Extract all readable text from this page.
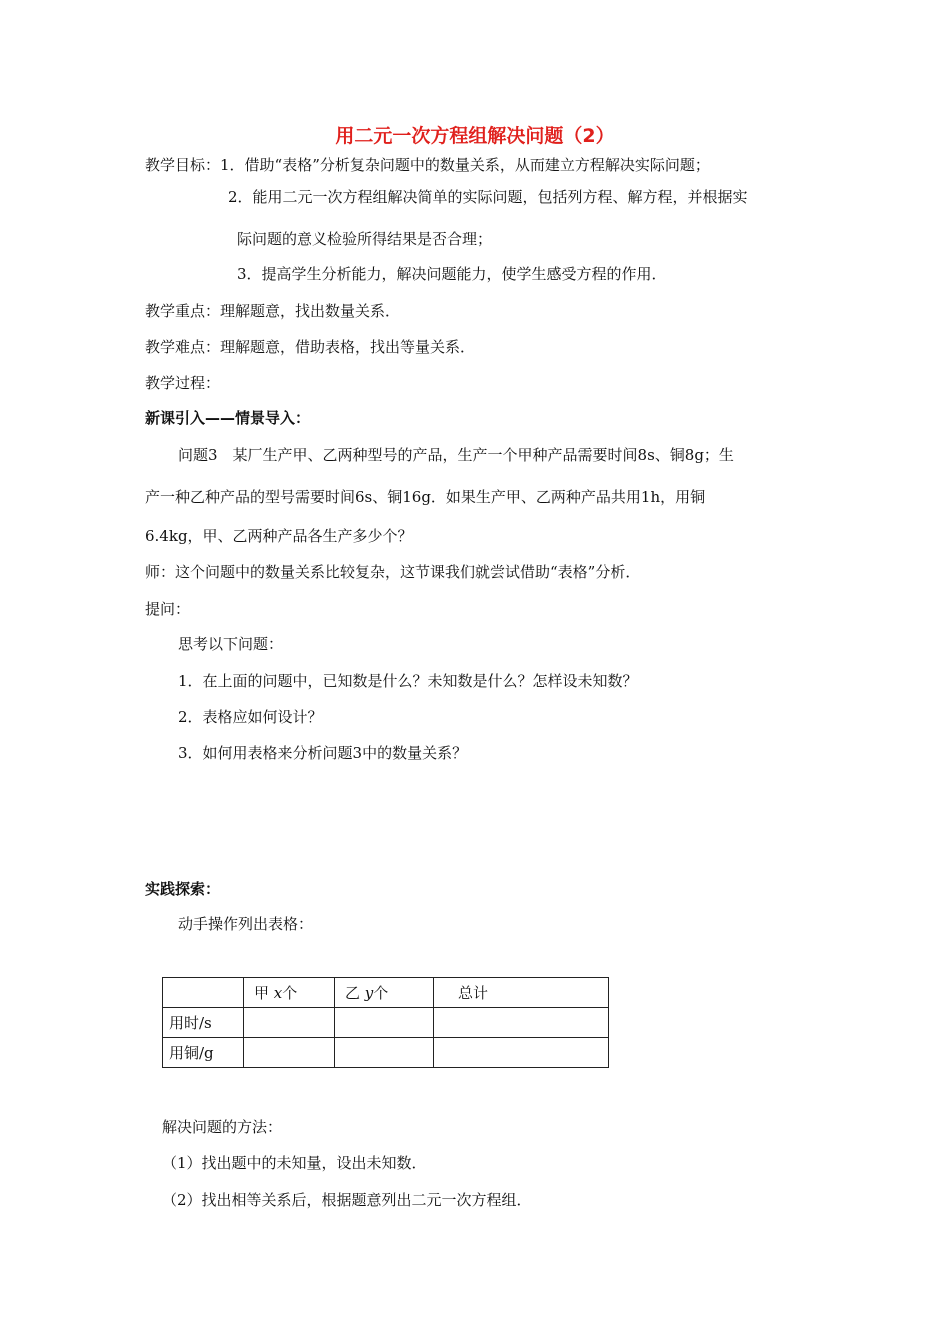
用二元一次方程组解决问题（2）
教学目标：1．借助“表格”分析复杂问题中的数量关系，从而建立方程解决实际问题；
2．能用二元一次方程组解决简单的实际问题，包括列方程、解方程，并根据实
际问题的意义检验所得结果是否合理；
3．提高学生分析能力，解决问题能力，使学生感受方程的作用．
教学重点：理解题意，找出数量关系．
教学难点：理解题意，借助表格，找出等量关系．
教学过程：
新课引入——情景导入：
问题3　某厂生产甲、乙两种型号的产品，生产一个甲种产品需要时间8s、铜8g；生
产一种乙种产品的型号需要时间6s、铜16g．如果生产甲、乙两种产品共用1h，用铜
6.4kg，甲、乙两种产品各生产多少个？
师：这个问题中的数量关系比较复杂，这节课我们就尝试借助“表格”分析．
提问：
思考以下问题：
1．在上面的问题中，已知数是什么？未知数是什么？怎样设未知数？
2．表格应如何设计？
3．如何用表格来分析问题3中的数量关系？
实践探索：
动手操作列出表格：
	甲 x个	乙 y个	总计
用时/s			
用铜/g			
解决问题的方法：
（1）找出题中的未知量，设出未知数．
（2）找出相等关系后，根据题意列出二元一次方程组．
